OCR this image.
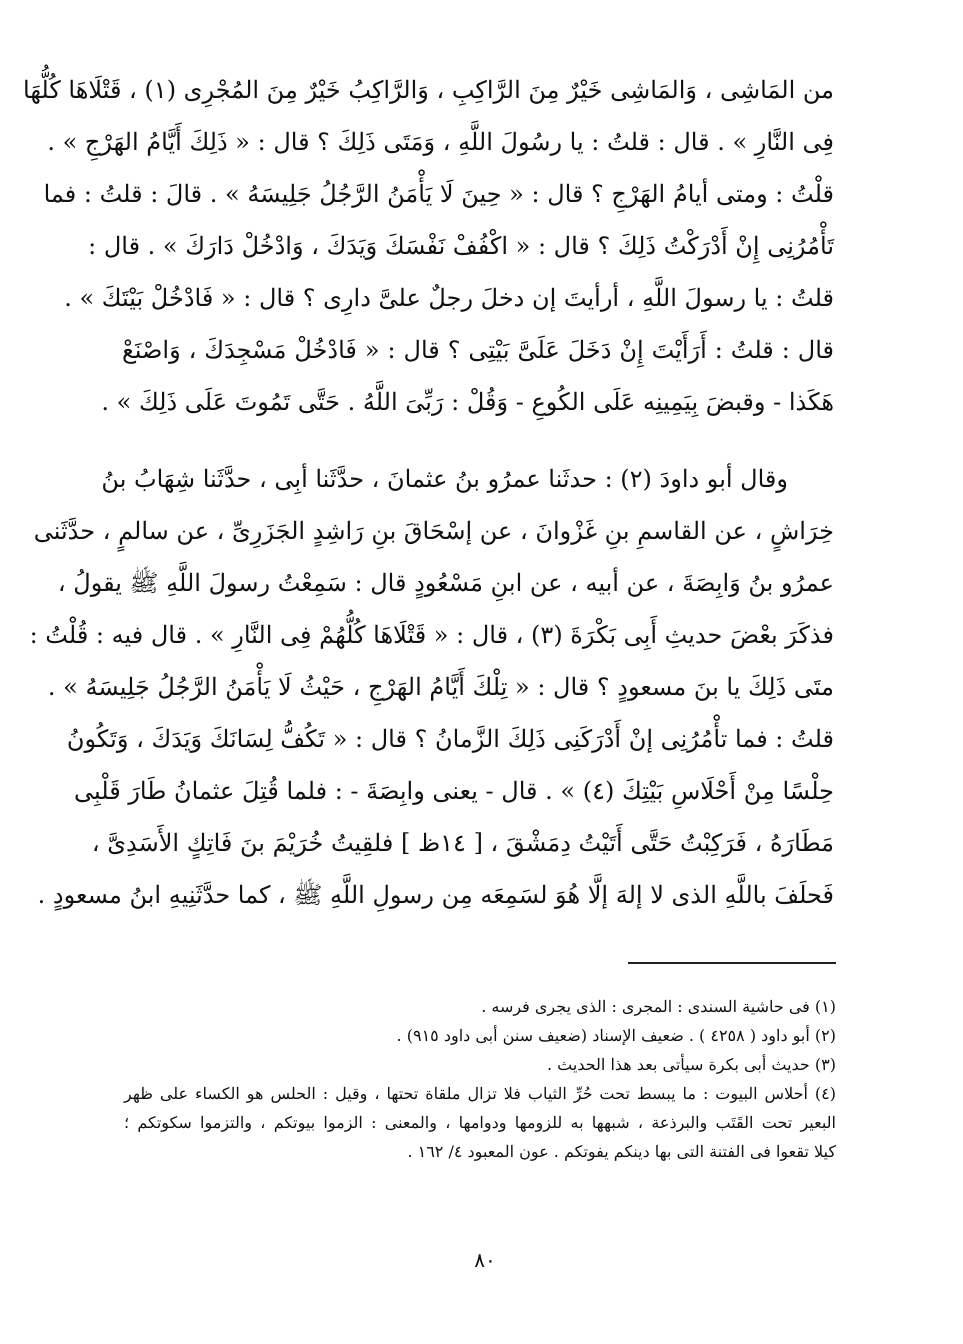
من المَاشِى ، وَالمَاشِى خَيْرٌ مِنَ الرَّاكِبِ ، وَالرَّاكِبُ خَيْرٌ مِنَ المُجْرِى (١) ، قَتْلَاهَا كُلُّهَا
فِى النَّارِ » . قال : قلتُ : يا رسُولَ اللَّهِ ، وَمَتَى ذَلِكَ ؟ قال : « ذَلِكَ أَيَّامُ الهَرْجِ » .
قلْتُ : ومتى أيامُ الهَرْجِ ؟ قال : « حِينَ لَا يَأْمَنُ الرَّجُلُ جَلِيسَهُ » . قالَ : قلتُ : فما
تَأْمُرُنِى إِنْ أَدْرَكْتُ ذَلِكَ ؟ قال : « اكْفُفْ نَفْسَكَ وَيَدَكَ ، وَادْخُلْ دَارَكَ » . قال :
قلتُ : يا رسولَ اللَّهِ ، أرأيتَ إن دخلَ رجلٌ علىَّ دارِى ؟ قال : « فَادْخُلْ بَيْتَكَ » .
قال : قلتُ : أَرَأَيْتَ إِنْ دَخَلَ عَلَىَّ بَيْتِى ؟ قال : « فَادْخُلْ مَسْجِدَكَ ، وَاصْنَعْ
هَكَذا - وقبضَ بِيَمِينِه عَلَى الكُوعِ - وَقُلْ : رَبِّىَ اللَّهُ . حَتَّى تَمُوتَ عَلَى ذَلِكَ » .
وقال أبو داودَ (٢) : حدثَنا عمرُو بنُ عثمانَ ، حدَّثَنا أبِى ، حدَّثَنا شِهَابُ بنُ
خِرَاشٍ ، عن القاسمِ بنِ غَزْوانَ ، عن إسْحَاقَ بنِ رَاشِدٍ الجَزَرِىِّ ، عن سالمٍ ، حدَّثَنى
عمرُو بنُ وَابِصَةَ ، عن أبيه ، عن ابنِ مَسْعُودٍ قال : سَمِعْتُ رسولَ اللَّهِ ﷺ يقولُ ،
فذكَرَ بعْضَ حديثِ أَبِى بَكْرَةَ (٣) ، قال : « قَتْلَاهَا كُلُّهُمْ فِى النَّارِ » . قال فيه : قُلْتُ :
متَى ذَلِكَ يا بنَ مسعودٍ ؟ قال : « تِلْكَ أَيَّامُ الهَرْجِ ، حَيْثُ لَا يَأْمَنُ الرَّجُلُ جَلِيسَهُ » .
قلتُ : فما تأْمُرُنِى إنْ أَدْرَكَنِى ذَلِكَ الزَّمانُ ؟ قال : « تَكُفُّ لِسَانَكَ وَيَدَكَ ، وَتَكُونُ
حِلْسًا مِنْ أَحْلَاسِ بَيْتِكَ (٤) » . قال - يعنى وابِصَةَ - : فلما قُتِلَ عثمانُ طَارَ قَلْبِى
مَطَارَهُ ، فَرَكِبْتُ حَتَّى أَتَيْتُ دِمَشْقَ ، [ ١٤ظ ] فلقِيتُ خُرَيْمَ بنَ فَاتِكٍ الأَسَدِىَّ ،
فَحلَفَ باللَّهِ الذى لا إلهَ إلَّا هُوَ لسَمِعَه مِن رسولِ اللَّهِ ﷺ ، كما حدَّثَنِيهِ ابنُ مسعودٍ .
(١) فى حاشية السندى : المجرى : الذى يجرى فرسه .
(٢) أبو داود ( ٤٢٥٨ ) . ضعيف الإسناد (ضعيف سنن أبى داود ٩١٥) .
(٣) حديث أبى بكرة سيأتى بعد هذا الحديث .
(٤) أحلاس البيوت : ما يبسط تحت حُرِّ الثياب فلا تزال ملقاة تحتها ، وقيل : الحلس هو الكساء على ظهر
البعير تحت القَتَب والبرذعة ، شبهها به للزومها ودوامها ، والمعنى : الزموا بيوتكم ، والتزموا سكوتكم ؛
كيلا تقعوا فى الفتنة التى بها دينكم يفوتكم . عون المعبود ٤/ ١٦٢ .
٨٠
